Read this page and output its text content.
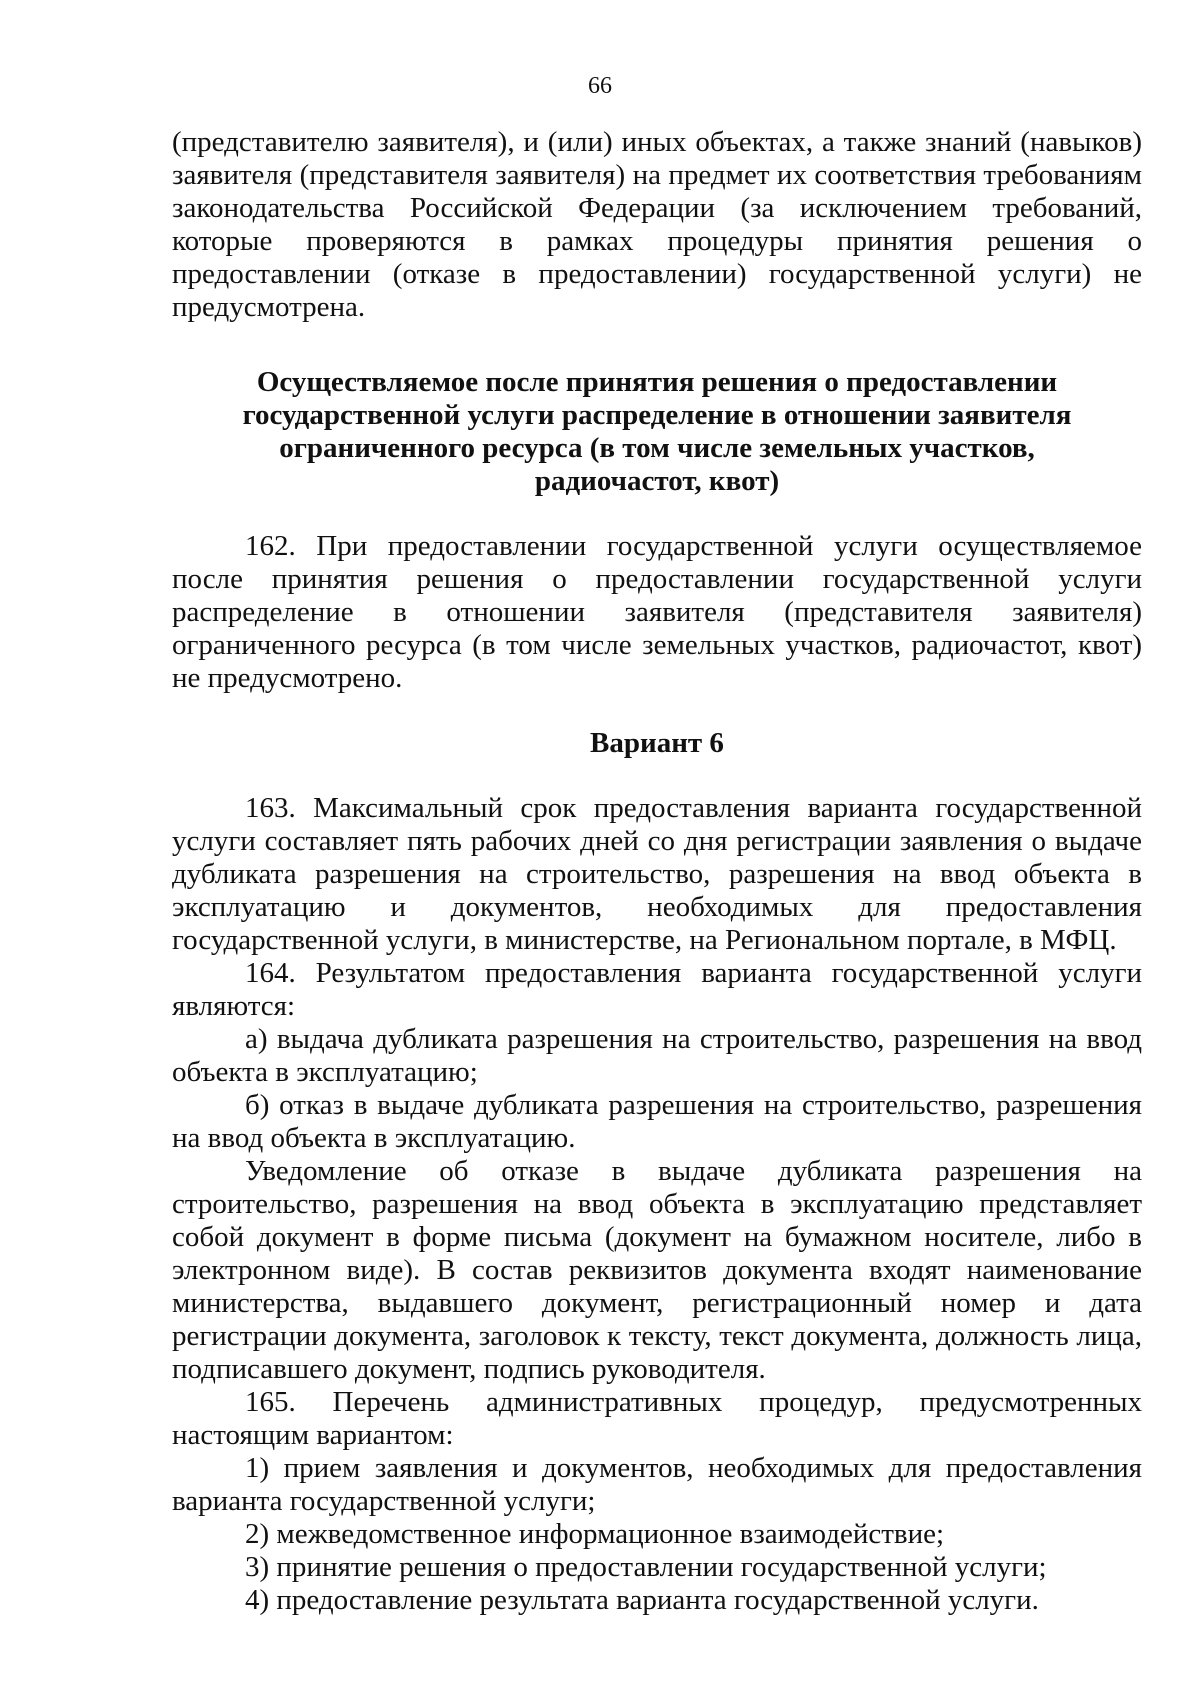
66

(представителю заявителя), и (или) иных объектах, а также знаний (навыков) заявителя (представителя заявителя) на предмет их соответствия требованиям законодательства Российской Федерации (за исключением требований, которые проверяются в рамках процедуры принятия решения о предоставлении (отказе в предоставлении) государственной услуги) не предусмотрена.

Осуществляемое после принятия решения о предоставлении
государственной услуги распределение в отношении заявителя
ограниченного ресурса (в том числе земельных участков,
радиочастот, квот)

162. При предоставлении государственной услуги осуществляемое после принятия решения о предоставлении государственной услуги распределение в отношении заявителя (представителя заявителя) ограниченного ресурса (в том числе земельных участков, радиочастот, квот) не предусмотрено.

Вариант 6

163. Максимальный срок предоставления варианта государственной услуги составляет пять рабочих дней со дня регистрации заявления о выдаче дубликата разрешения на строительство, разрешения на ввод объекта в эксплуатацию и документов, необходимых для предоставления государственной услуги, в министерстве, на Региональном портале, в МФЦ.

164. Результатом предоставления варианта государственной услуги являются:

а) выдача дубликата разрешения на строительство, разрешения на ввод объекта в эксплуатацию;

б) отказ в выдаче дубликата разрешения на строительство, разрешения на ввод объекта в эксплуатацию.

Уведомление об отказе в выдаче дубликата разрешения на строительство, разрешения на ввод объекта в эксплуатацию представляет собой документ в форме письма (документ на бумажном носителе, либо в электронном виде). В состав реквизитов документа входят наименование министерства, выдавшего документ, регистрационный номер и дата регистрации документа, заголовок к тексту, текст документа, должность лица, подписавшего документ, подпись руководителя.

165. Перечень административных процедур, предусмотренных настоящим вариантом:

1) прием заявления и документов, необходимых для предоставления варианта государственной услуги;

2) межведомственное информационное взаимодействие;

3) принятие решения о предоставлении государственной услуги;

4) предоставление результата варианта государственной услуги.
